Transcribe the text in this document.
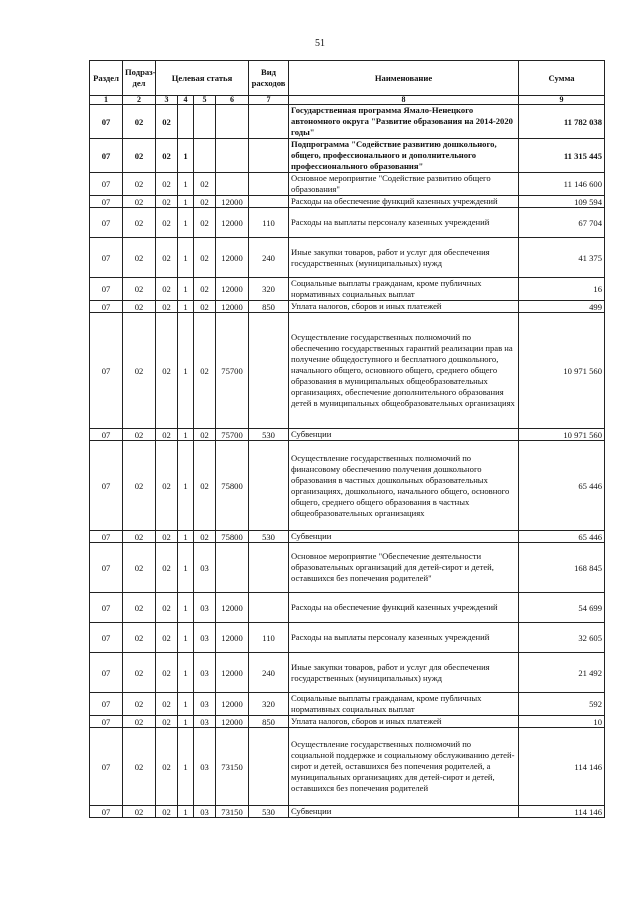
51
Раздел	Подраз-дел	Целевая статья				Вид расходов	Наименование	Сумма
1	2	3	4	5	6	7	8	9
07	02	02					Государственная программа Ямало-Ненецкого автономного округа "Развитие образования на 2014-2020 годы"	11 782 038
07	02	02	1				Подпрограмма "Содействие развитию дошкольного, общего, профессионального и дополнительного профессионального образования"	11 315 445
07	02	02	1	02			Основное мероприятие "Содействие развитию общего образования"	11 146 600
07	02	02	1	02	12000		Расходы на обеспечение функций казенных учреждений	109 594
07	02	02	1	02	12000	110	Расходы на выплаты персоналу казенных учреждений	67 704
07	02	02	1	02	12000	240	Иные закупки товаров, работ и услуг для обеспечения государственных (муниципальных) нужд	41 375
07	02	02	1	02	12000	320	Социальные выплаты гражданам, кроме публичных нормативных социальных выплат	16
07	02	02	1	02	12000	850	Уплата налогов, сборов и иных платежей	499
07	02	02	1	02	75700		Осуществление государственных полномочий по обеспечению государственных гарантий реализации прав на получение общедоступного и бесплатного дошкольного, начального общего, основного общего, среднего общего образования в муниципальных общеобразовательных организациях, обеспечение дополнительного образования детей в муниципальных общеобразовательных организациях	10 971 560
07	02	02	1	02	75700	530	Субвенции	10 971 560
07	02	02	1	02	75800		Осуществление государственных полномочий по финансовому обеспечению получения дошкольного образования в частных дошкольных образовательных организациях, дошкольного, начального общего, основного общего, среднего общего образования в частных общеобразовательных организациях	65 446
07	02	02	1	02	75800	530	Субвенции	65 446
07	02	02	1	03			Основное мероприятие "Обеспечение деятельности образовательных организаций для детей-сирот и детей, оставшихся без попечения родителей"	168 845
07	02	02	1	03	12000		Расходы на обеспечение функций казенных учреждений	54 699
07	02	02	1	03	12000	110	Расходы на выплаты персоналу казенных учреждений	32 605
07	02	02	1	03	12000	240	Иные закупки товаров, работ и услуг для обеспечения государственных (муниципальных) нужд	21 492
07	02	02	1	03	12000	320	Социальные выплаты гражданам, кроме публичных нормативных социальных выплат	592
07	02	02	1	03	12000	850	Уплата налогов, сборов и иных платежей	10
07	02	02	1	03	73150		Осуществление государственных полномочий по социальной поддержке и социальному обслуживанию детей-сирот и детей, оставшихся без попечения родителей, а муниципальных организациях для детей-сирот и детей, оставшихся без попечения родителей	114 146
07	02	02	1	03	73150	530	Субвенции	114 146
